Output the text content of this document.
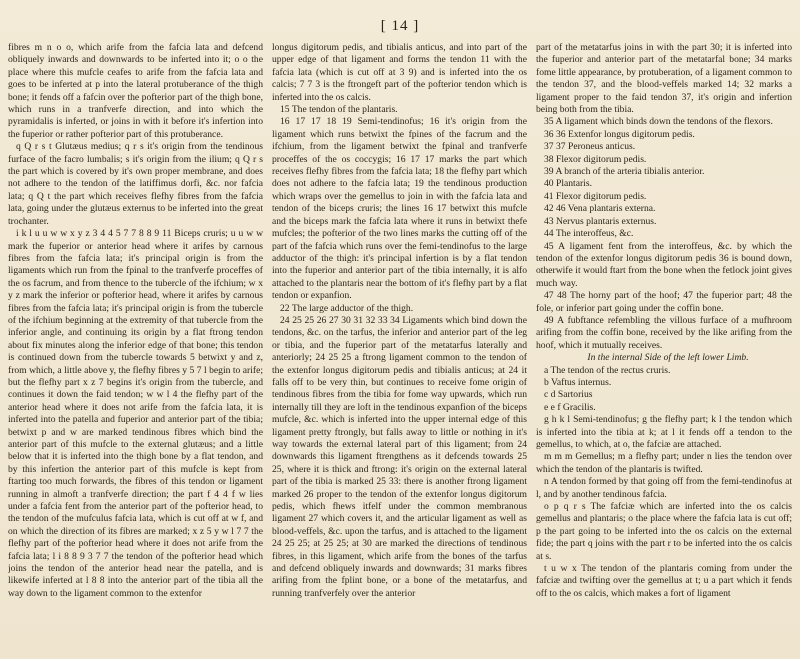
[ 14 ]

fibres m n o o, which arife from the fafcia lata and defcend obliquely inwards and downwards to be inferted into it; o o the place where this mufcle ceafes to arife from the fafcia lata and goes to be inferted at p into the lateral protuberance of the thigh bone; it fends off a fafcin over the pofterior part of the thigh bone, which runs in a tranfverfe direction, and into which the pyramidalis is inferted, or joins in with it before it's infertion into the fuperior or rather pofterior part of this protuberance.

q Q r s t Glutæus medius; q r s it's origin from the tendinous furface of the facro lumbalis; s it's origin from the ilium; q Q r s the part which is covered by it's own proper membrane, and does not adhere to the tendon of the latiffimus dorfi, &c. nor fafcia lata; q Q t the part which receives flefhy fibres from the fafcia lata, going under the glutæus externus to be inferted into the great trochanter.

i k l u u w w x y z 3 4 4 5 7 7 8 8 9 11 Biceps cruris; u u w w mark the fuperior or anterior head where it arifes by carnous fibres from the fafcia lata; it's principal origin is from the ligaments which run from the fpinal to the tranfverfe proceffes of the os facrum, and from thence to the tubercle of the ifchium; w x y z mark the inferior or pofterior head, where it arifes by carnous fibres from the fafcia lata; it's principal origin is from the tubercle of the ifchium beginning at the extremity of that tubercle from the inferior angle, and continuing its origin by a flat ftrong tendon about fix minutes along the inferior edge of that bone; this tendon is continued down from the tubercle towards 5 betwixt y and z, from which, a little above y, the flefhy fibres y 5 7 l begin to arife; but the flefhy part x z 7 begins it's origin from the tubercle, and continues it down the faid tendon; w w l 4 the flefhy part of the anterior head where it does not arife from the fafcia lata, it is inferted into the patella and fuperior and anterior part of the tibia; betwixt p and w are marked tendinous fibres which bind the anterior part of this mufcle to the external glutæus; and a little below that it is inferted into the thigh bone by a flat tendon, and by this infertion the anterior part of this mufcle is kept from ftarting too much forwards, the fibres of this tendon or ligament running in almoft a tranfverfe direction; the part f 4 4 f w lies under a fafcia fent from the anterior part of the pofterior head, to the tendon of the mufculus fafcia lata, which is cut off at w f, and on which the direction of its fibres are marked; x z 5 y w l 7 7 the flefhy part of the pofterior head where it does not arife from the fafcia lata; l i 8 8 9 3 7 7 the tendon of the pofterior head which joins the tendon of the anterior head near the patella, and is likewife inferted at l 8 8 into the anterior part of the tibia all the way down to the ligament common to the extenfor

longus digitorum pedis, and tibialis anticus, and into part of the upper edge of that ligament and forms the tendon 11 with the fafcia lata (which is cut off at 3 9) and is inferted into the os calcis; 7 7 3 is the ftrongeft part of the pofterior tendon which is inferted into the os calcis.

15 The tendon of the plantaris.

16 17 17 18 19 Semi-tendinofus; 16 it's origin from the ligament which runs betwixt the fpines of the facrum and the ifchium, from the ligament betwixt the fpinal and tranfverfe proceffes of the os coccygis; 16 17 17 marks the part which receives flefhy fibres from the fafcia lata; 18 the flefhy part which does not adhere to the fafcia lata; 19 the tendinous production which wraps over the gemellus to join in with the fafcia lata and tendon of the biceps cruris; the lines 16 17 betwixt this mufcle and the biceps mark the fafcia lata where it runs in betwixt thefe mufcles; the pofterior of the two lines marks the cutting off of the part of the fafcia which runs over the femi-tendinofus to the large adductor of the thigh: it's principal infertion is by a flat tendon into the fuperior and anterior part of the tibia internally, it is alfo attached to the plantaris near the bottom of it's flefhy part by a flat tendon or expanfion.

22 The large adductor of the thigh.

24 25 25 26 27 30 31 32 33 34 Ligaments which bind down the tendons, &c. on the tarfus, the inferior and anterior part of the leg or tibia, and the fuperior part of the metatarfus laterally and anteriorly; 24 25 25 a ftrong ligament common to the tendon of the extenfor longus digitorum pedis and tibialis anticus; at 24 it falls off to be very thin, but continues to receive fome origin of tendinous fibres from the tibia for fome way upwards, which run internally till they are loft in the tendinous expanfion of the biceps mufcle, &c. which is inferted into the upper internal edge of this ligament pretty ftrongly, but falls away to little or nothing in it's way towards the external lateral part of this ligament; from 24 downwards this ligament ftrengthens as it defcends towards 25 25, where it is thick and ftrong: it's origin on the external lateral part of the tibia is marked 25 33: there is another ftrong ligament marked 26 proper to the tendon of the extenfor longus digitorum pedis, which fhews itfelf under the common membranous ligament 27 which covers it, and the articular ligament as well as blood-veffels, &c. upon the tarfus, and is attached to the ligament 24 25 25; at 25 25; at 30 are marked the directions of tendinous fibres, in this ligament, which arife from the bones of the tarfus and defcend obliquely inwards and downwards; 31 marks fibres arifing from the fplint bone, or a bone of the metatarfus, and running tranfverfely over the anterior

part of the metatarfus joins in with the part 30; it is inferted into the fuperior and anterior part of the metatarfal bone; 34 marks fome little appearance, by protuberation, of a ligament common to the tendon 37, and the blood-veffels marked 14; 32 marks a ligament proper to the faid tendon 37, it's origin and infertion being both from the tibia.

35 A ligament which binds down the tendons of the flexors.

36 36 Extenfor longus digitorum pedis.

37 37 Peroneus anticus.

38 Flexor digitorum pedis.

39 A branch of the arteria tibialis anterior.

40 Plantaris.

41 Flexor digitorum pedis.

42 46 Vena plantaris externa.

43 Nervus plantaris externus.

44 The interoffeus, &c.

45 A ligament fent from the interoffeus, &c. by which the tendon of the extenfor longus digitorum pedis 36 is bound down, otherwife it would ftart from the bone when the fetlock joint gives much way.

47 48 The horny part of the hoof; 47 the fuperior part; 48 the fole, or inferior part going under the coffin bone.

49 A fubftance refembling the villous furface of a mufhroom arifing from the coffin bone, received by the like arifing from the hoof, which it mutually receives.

In the internal Side of the left lower Limb.

a The tendon of the rectus cruris.

b Vaftus internus.

c d Sartorius

e e f Gracilis.

g h k l Semi-tendinofus; g the flefhy part; k l the tendon which is inferted into the tibia at k; at l it fends off a tendon to the gemellus, to which, at o, the fafciæ are attached.

m m m Gemellus; m a flefhy part; under n lies the tendon over which the tendon of the plantaris is twifted.

n A tendon formed by that going off from the femi-tendinofus at l, and by another tendinous fafcia.

o p q r s The fafciæ which are inferted into the os calcis gemellus and plantaris; o the place where the fafcia lata is cut off; p the part going to be inferted into the os calcis on the external fide; the part q joins with the part r to be inferted into the os calcis at s.

t u w x The tendon of the plantaris coming from under the fafciæ and twifting over the gemellus at t; u a part which it fends off to the os calcis, which makes a fort of ligament
